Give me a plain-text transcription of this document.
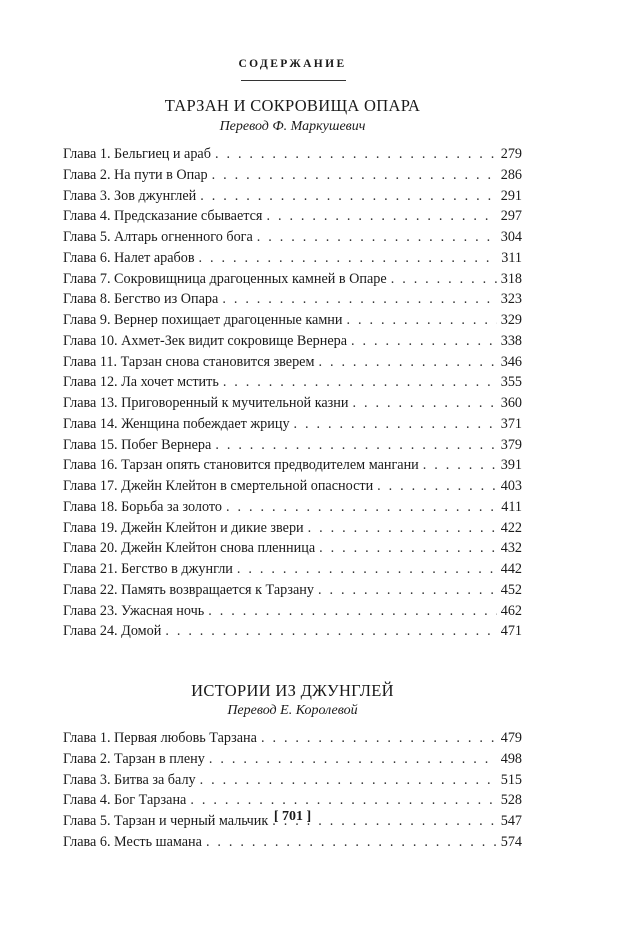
СОДЕРЖАНИЕ
ТАРЗАН И СОКРОВИЩА ОПАРА
Перевод Ф. Маркушевич
Глава 1. Бельгиец и араб . . .	279
Глава 2. На пути в Опар . . .	286
Глава 3. Зов джунглей . . .	291
Глава 4. Предсказание сбывается . . .	297
Глава 5. Алтарь огненного бога . . .	304
Глава 6. Налет арабов . . .	311
Глава 7. Сокровищница драгоценных камней в Опаре . . .	318
Глава 8. Бегство из Опара . . .	323
Глава 9. Вернер похищает драгоценные камни . . .	329
Глава 10. Ахмет-Зек видит сокровище Вернера . . .	338
Глава 11. Тарзан снова становится зверем . . .	346
Глава 12. Ла хочет мстить . . .	355
Глава 13. Приговоренный к мучительной казни . . .	360
Глава 14. Женщина побеждает жрицу . . .	371
Глава 15. Побег Вернера . . .	379
Глава 16. Тарзан опять становится предводителем мангани . . .	391
Глава 17. Джейн Клейтон в смертельной опасности . . .	403
Глава 18. Борьба за золото . . .	411
Глава 19. Джейн Клейтон и дикие звери . . .	422
Глава 20. Джейн Клейтон снова пленница . . .	432
Глава 21. Бегство в джунгли . . .	442
Глава 22. Память возвращается к Тарзану . . .	452
Глава 23. Ужасная ночь . . .	462
Глава 24. Домой . . .	471
ИСТОРИИ ИЗ ДЖУНГЛЕЙ
Перевод Е. Королевой
Глава 1. Первая любовь Тарзана . . .	479
Глава 2. Тарзан в плену . . .	498
Глава 3. Битва за балу . . .	515
Глава 4. Бог Тарзана . . .	528
Глава 5. Тарзан и черный мальчик . . .	547
Глава 6. Месть шамана . . .	574
[ 701 ]
